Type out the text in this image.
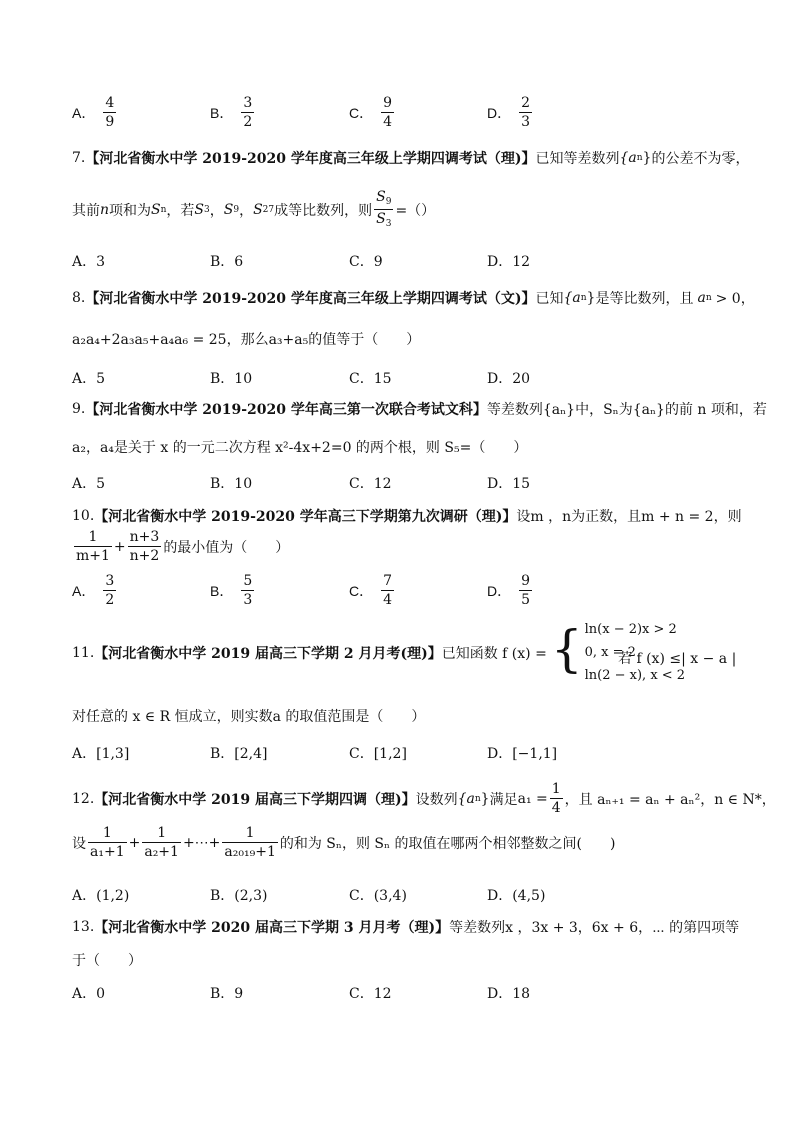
A． $\frac{4}{9}$	B． $\frac{3}{2}$	C． $\frac{9}{4}$	D． $\frac{2}{3}$
7. 【河北省衡水中学 2019-2020 学年度高三年级上学期四调考试（理)】 已知等差数列 {a n } 的公差不为零，
其前 n 项和为 S n ，若 S 3 ， S 9 ， S 27 成等比数列，则 $\frac{S_9}{S_3}$ =（）
A．3	B．6	C．9	D．12
8. 【河北省衡水中学 2019-2020 学年度高三年级上学期四调考试（文)】 已知 {a n } 是等比数列，且 a n > 0，
a₂a₄+2a₃a₅+a₄a₆ = 25，那么a₃+a₅的值等于（　　）
A．5	B．10	C．15	D．20
9. 【河北省衡水中学 2019-2020 学年高三第一次联合考试文科】 等差数列{aₙ}中，Sₙ为{aₙ}的前 n 项和，若
a₂，a₄是关于 x 的一元二次方程 x²-4x+2=0 的两个根，则 S₅=（　　）
A．5	B．10	C．12	D．15
10. 【河北省衡水中学 2019-2020 学年高三下学期第九次调研（理)】 设m ，n为正数，且m + n = 2，则
$\frac{1}{m+1} + \frac{n+3}{n+2}$ 的最小值为（　　）
A． $\frac{3}{2}$	B． $\frac{5}{3}$	C． $\frac{7}{4}$	D． $\frac{9}{5}$
11. 【河北省衡水中学 2019 届高三下学期 2 月月考(理)】 已知函数 f (x) = { ln(x − 2)x > 2
0, x = 2
ln(2 − x), x < 2
若 f (x) ≤| x − a |
对任意的 x ∈ R 恒成立，则实数a 的取值范围是（　　）
A．[1,3]	B．[2,4]	C．[1,2]	D．[−1,1]
12. 【河北省衡水中学 2019 届高三下学期四调（理)】 设数列 {a n } 满足 $a_1 = \frac{1}{4}$ ，且 aₙ₊₁ = aₙ + aₙ²，n ∈ N*，
设 $\frac{1}{\text{a₁+1}} + \frac{1}{\text{a₂+1}}$ +⋯+ $\frac{1}{\text{a₂₀₁₉+1}}$ 的和为 Sₙ，则 Sₙ 的取值在哪两个相邻整数之间(　　)
A．(1,2)	B．(2,3)	C．(3,4)	D．(4,5)
13. 【河北省衡水中学 2020 届高三下学期 3 月月考（理)】 等差数列x ，3x + 3，6x + 6，⋯ 的第四项等
于（　　）
A．0	B．9	C．12	D．18
